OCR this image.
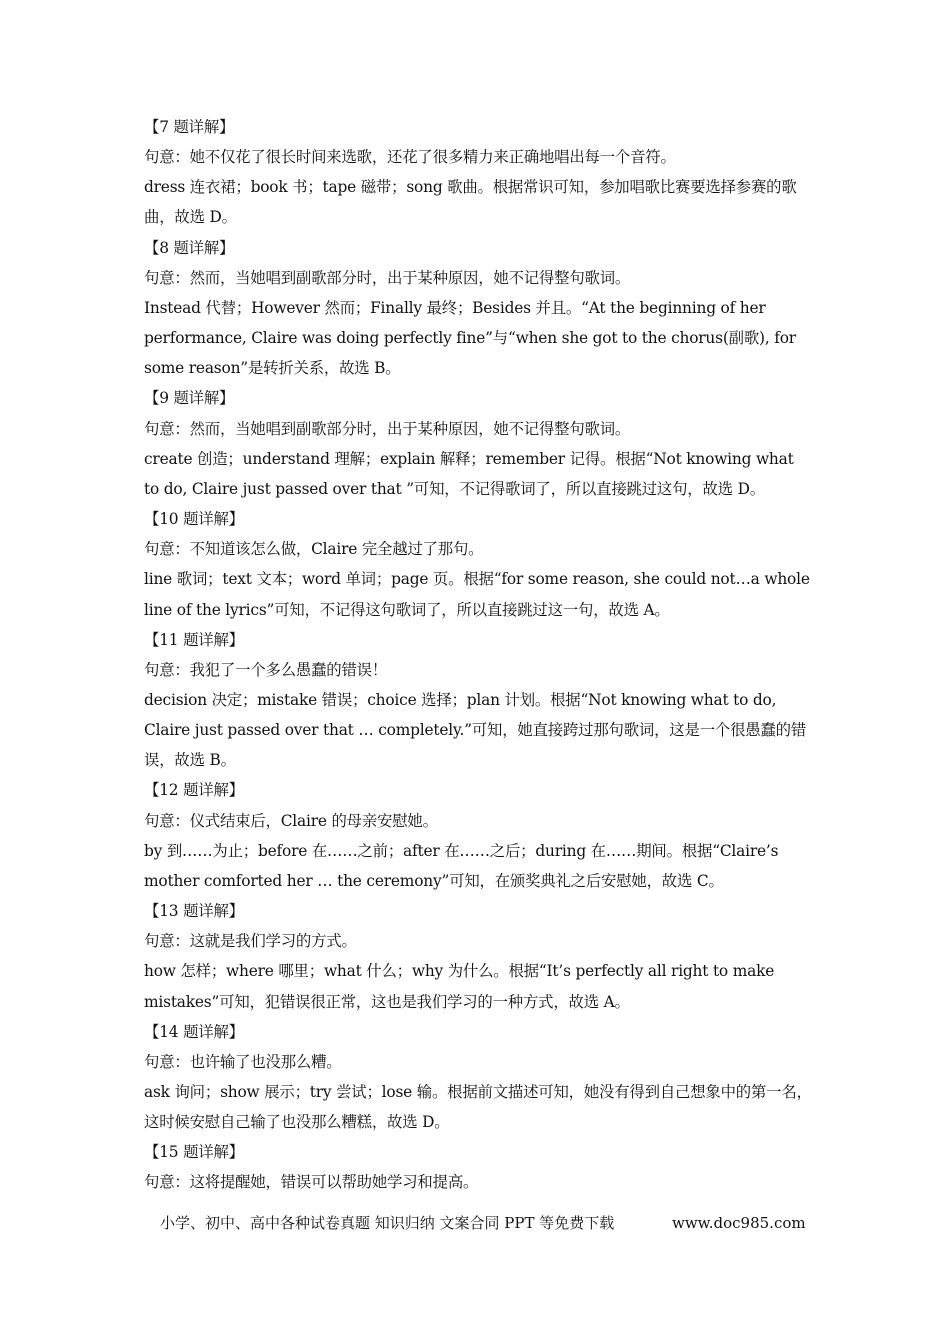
【7 题详解】

句意：她不仅花了很长时间来选歌，还花了很多精力来正确地唱出每一个音符。

dress 连衣裙；book 书；tape 磁带；song 歌曲。根据常识可知，参加唱歌比赛要选择参赛的歌曲，故选 D。

【8 题详解】

句意：然而，当她唱到副歌部分时，出于某种原因，她不记得整句歌词。

Instead 代替；However 然而；Finally 最终；Besides 并且。“At the beginning of her performance, Claire was doing perfectly fine”与“when she got to the chorus(副歌), for some reason”是转折关系，故选 B。

【9 题详解】

句意：然而，当她唱到副歌部分时，出于某种原因，她不记得整句歌词。

create 创造；understand 理解；explain 解释；remember 记得。根据“Not knowing what to do, Claire just passed over that ”可知，不记得歌词了，所以直接跳过这句，故选 D。

【10 题详解】

句意：不知道该怎么做，Claire 完全越过了那句。

line 歌词；text 文本；word 单词；page 页。根据“for some reason, she could not…a whole line of the lyrics”可知，不记得这句歌词了，所以直接跳过这一句，故选 A。

【11 题详解】

句意：我犯了一个多么愚蠢的错误！

decision 决定；mistake 错误；choice 选择；plan 计划。根据“Not knowing what to do, Claire just passed over that … completely.”可知，她直接跨过那句歌词，这是一个很愚蠢的错误，故选 B。

【12 题详解】

句意：仪式结束后，Claire 的母亲安慰她。

by 到……为止；before 在……之前；after 在……之后；during 在……期间。根据“Claire’s mother comforted her … the ceremony”可知，在颁奖典礼之后安慰她，故选 C。

【13 题详解】

句意：这就是我们学习的方式。

how 怎样；where 哪里；what 什么；why 为什么。根据“It’s perfectly all right to make mistakes”可知，犯错误很正常，这也是我们学习的一种方式，故选 A。

【14 题详解】

句意：也许输了也没那么糟。

ask 询问；show 展示；try 尝试；lose 输。根据前文描述可知，她没有得到自己想象中的第一名，这时候安慰自己输了也没那么糟糕，故选 D。

【15 题详解】

句意：这将提醒她，错误可以帮助她学习和提高。

小学、初中、高中各种试卷真题 知识归纳 文案合同 PPT 等免费下载	www.doc985.com
